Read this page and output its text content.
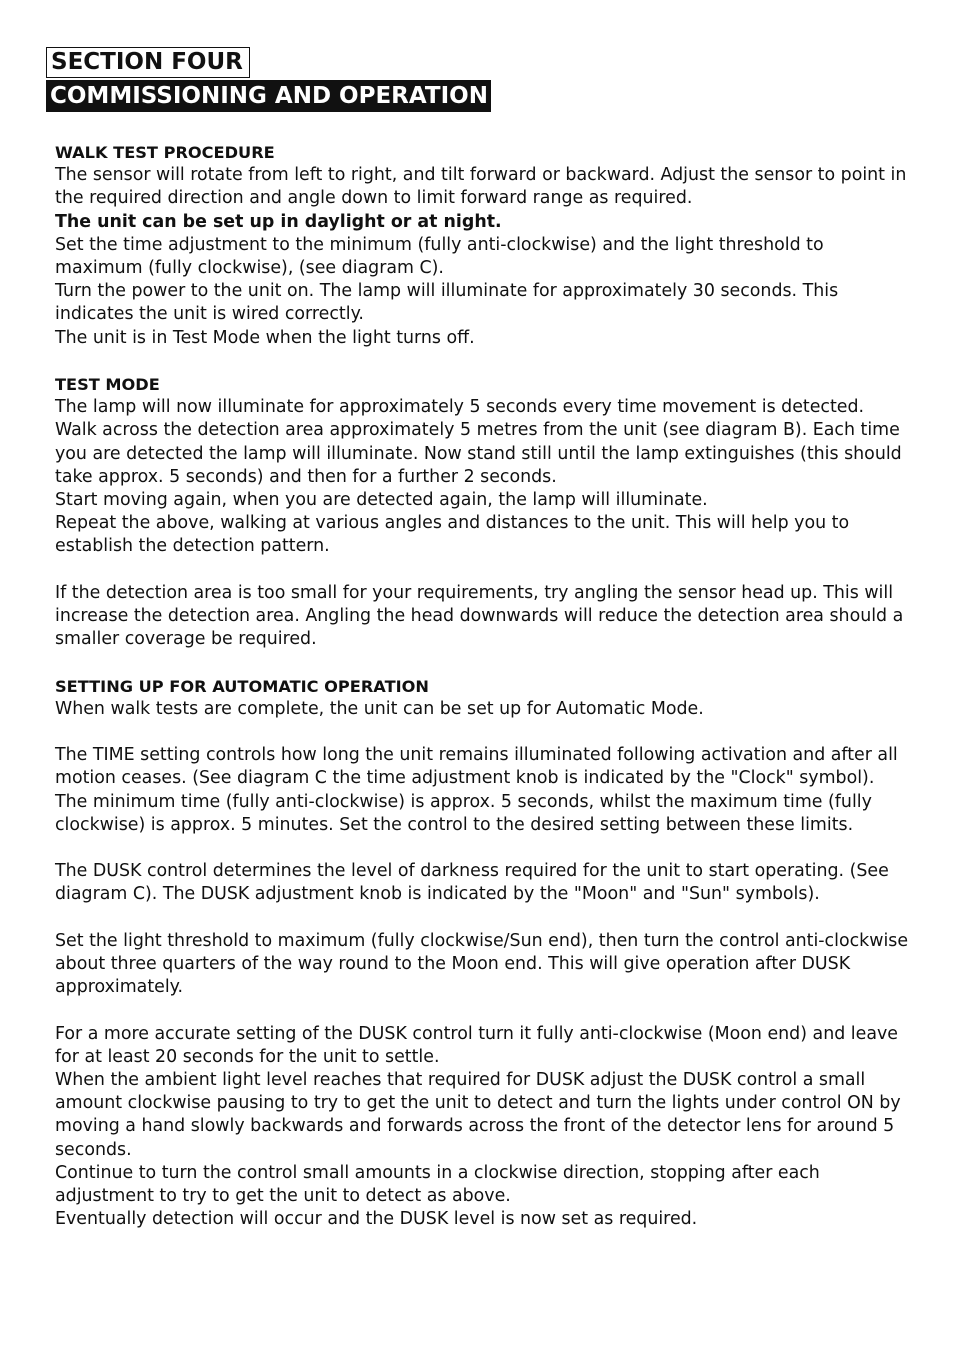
SECTION FOUR
COMMISSIONING AND OPERATION

WALK TEST PROCEDURE

The sensor will rotate from left to right, and tilt forward or backward. Adjust the sensor to point in the required direction and angle down to limit forward range as required.

The unit can be set up in daylight or at night.

Set the time adjustment to the minimum (fully anti-clockwise) and the light threshold to maximum (fully clockwise), (see diagram C).

Turn the power to the unit on. The lamp will illuminate for approximately 30 seconds. This indicates the unit is wired correctly.

The unit is in Test Mode when the light turns off.

TEST MODE

The lamp will now illuminate for approximately 5 seconds every time movement is detected.

Walk across the detection area approximately 5 metres from the unit (see diagram B). Each time you are detected the lamp will illuminate. Now stand still until the lamp extinguishes (this should take approx. 5 seconds) and then for a further 2 seconds.

Start moving again, when you are detected again, the lamp will illuminate.

Repeat the above, walking at various angles and distances to the unit. This will help you to establish the detection pattern.

If the detection area is too small for your requirements, try angling the sensor head up. This will increase the detection area. Angling the head downwards will reduce the detection area should a smaller coverage be required.

SETTING UP FOR AUTOMATIC OPERATION

When walk tests are complete, the unit can be set up for Automatic Mode.

The TIME setting controls how long the unit remains illuminated following activation and after all motion ceases. (See diagram C the time adjustment knob is indicated by the "Clock" symbol).

The minimum time (fully anti-clockwise) is approx. 5 seconds, whilst the maximum time (fully clockwise) is approx. 5 minutes. Set the control to the desired setting between these limits.

The DUSK control determines the level of darkness required for the unit to start operating. (See diagram C). The DUSK adjustment knob is indicated by the "Moon" and "Sun" symbols).

Set the light threshold to maximum (fully clockwise/Sun end), then turn the control anti-clockwise about three quarters of the way round to the Moon end. This will give operation after DUSK approximately.

For a more accurate setting of the DUSK control turn it fully anti-clockwise (Moon end) and leave for at least 20 seconds for the unit to settle.

When the ambient light level reaches that required for DUSK adjust the DUSK control a small amount clockwise pausing to try to get the unit to detect and turn the lights under control ON by moving a hand slowly backwards and forwards across the front of the detector lens for around 5 seconds.

Continue to turn the control small amounts in a clockwise direction, stopping after each adjustment to try to get the unit to detect as above.

Eventually detection will occur and the DUSK level is now set as required.
